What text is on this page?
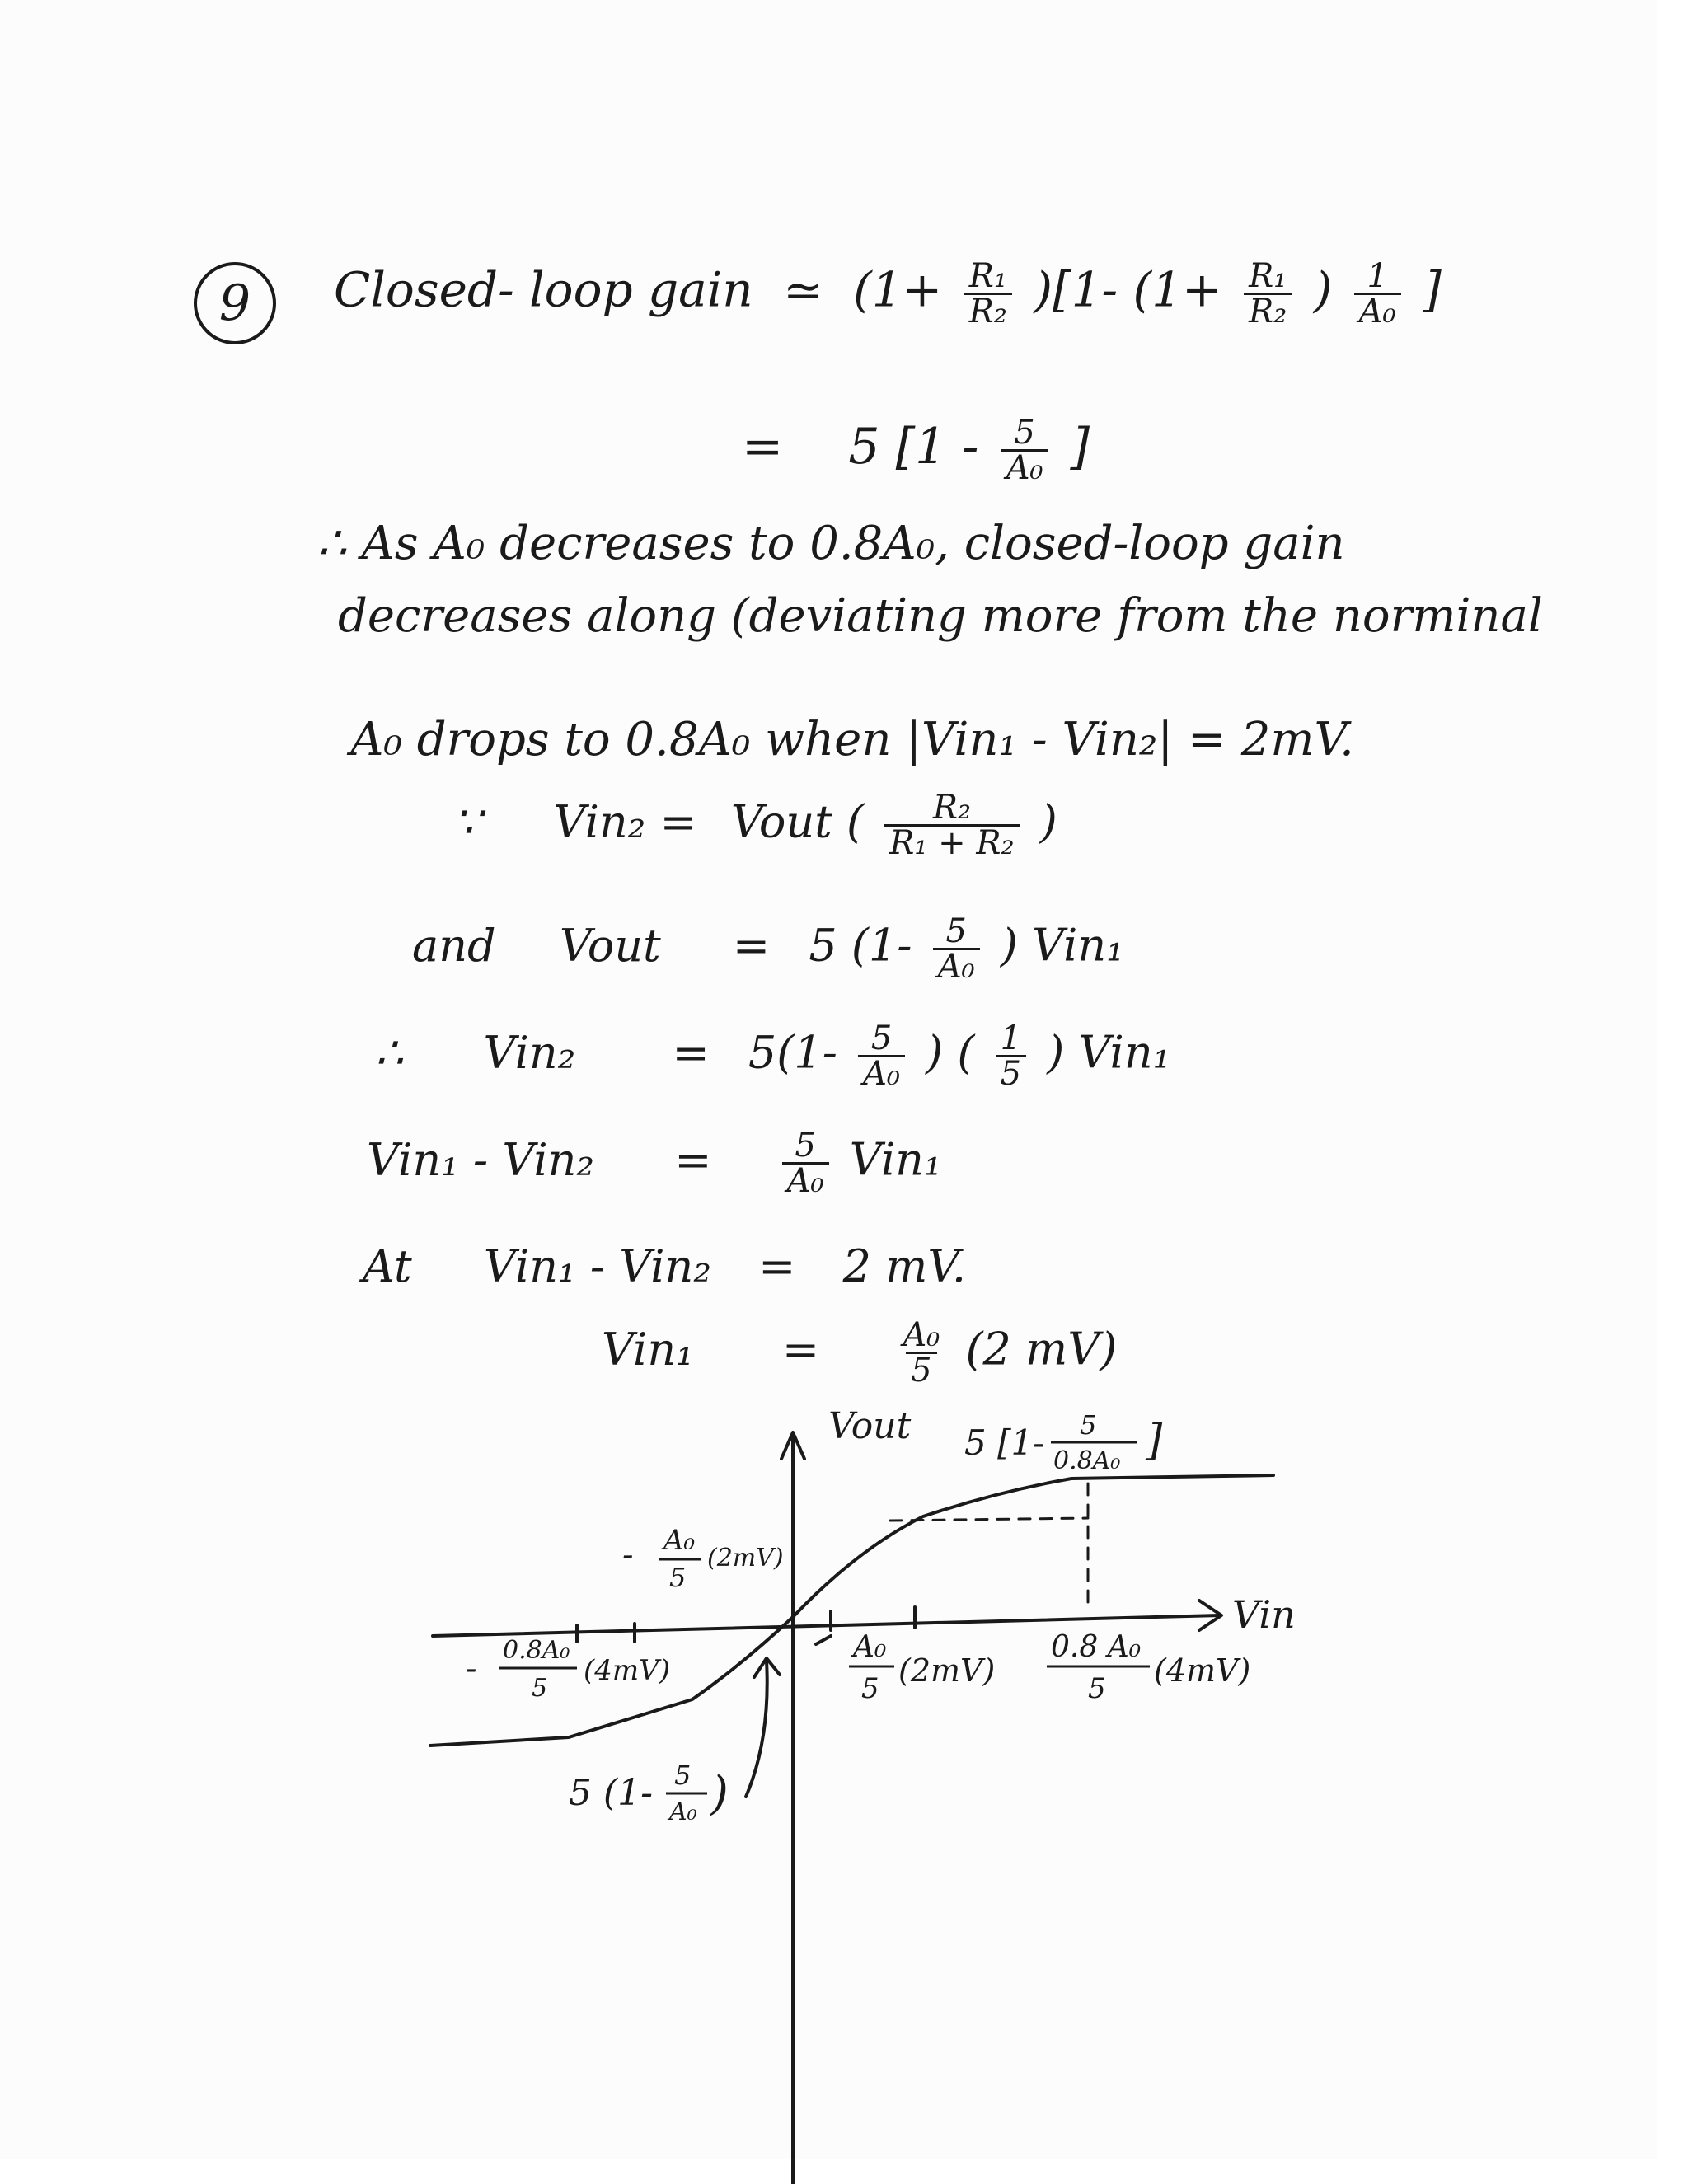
9 Closed- loop gain ≃ $(1+ \frac{\text{R₁}}{\text{R₂}} )[1-$ ($1+ \frac{\text{R₁}}{\text{R₂}}$ ) $\frac{1}{\text{A₀}}$ ]
= 5 [$1 - \frac{5}{\text{A₀}}$ ]
∴ As A₀ decreases to 0.8A₀, closed-loop gain
decreases along (deviating more from the norminal
A₀ drops to 0.8A₀ when |Vin₁ - Vin₂| = 2mV.
∵ Vin₂ = Vout ( $\frac{\text{R₂}}{\text{R₁ + R₂}}$ )
and Vout = 5 ($1- \frac{5}{\text{A₀}}$ ) Vin₁
∴ $Vin_2 = 5(1- \frac{5}{\text{A₀}}$ ) ( $\frac{1}{5}$ ) Vin₁
$Vin_1 - Vin_2 = \frac{5}{\text{A₀}} Vin_1$
At Vin₁ - Vin₂ = 2 mV.
$Vin_1 = \frac{\text{A₀}}{5} (2$ mV)
Vout
Vin
5 [1- 5
0.8A₀ ]
- A₀
5
(2mV)
- 0.8A₀
5
(4mV)
A₀
5 (2mV)
0.8 A₀
5 (4mV)
5 (1- 5
A₀ )
